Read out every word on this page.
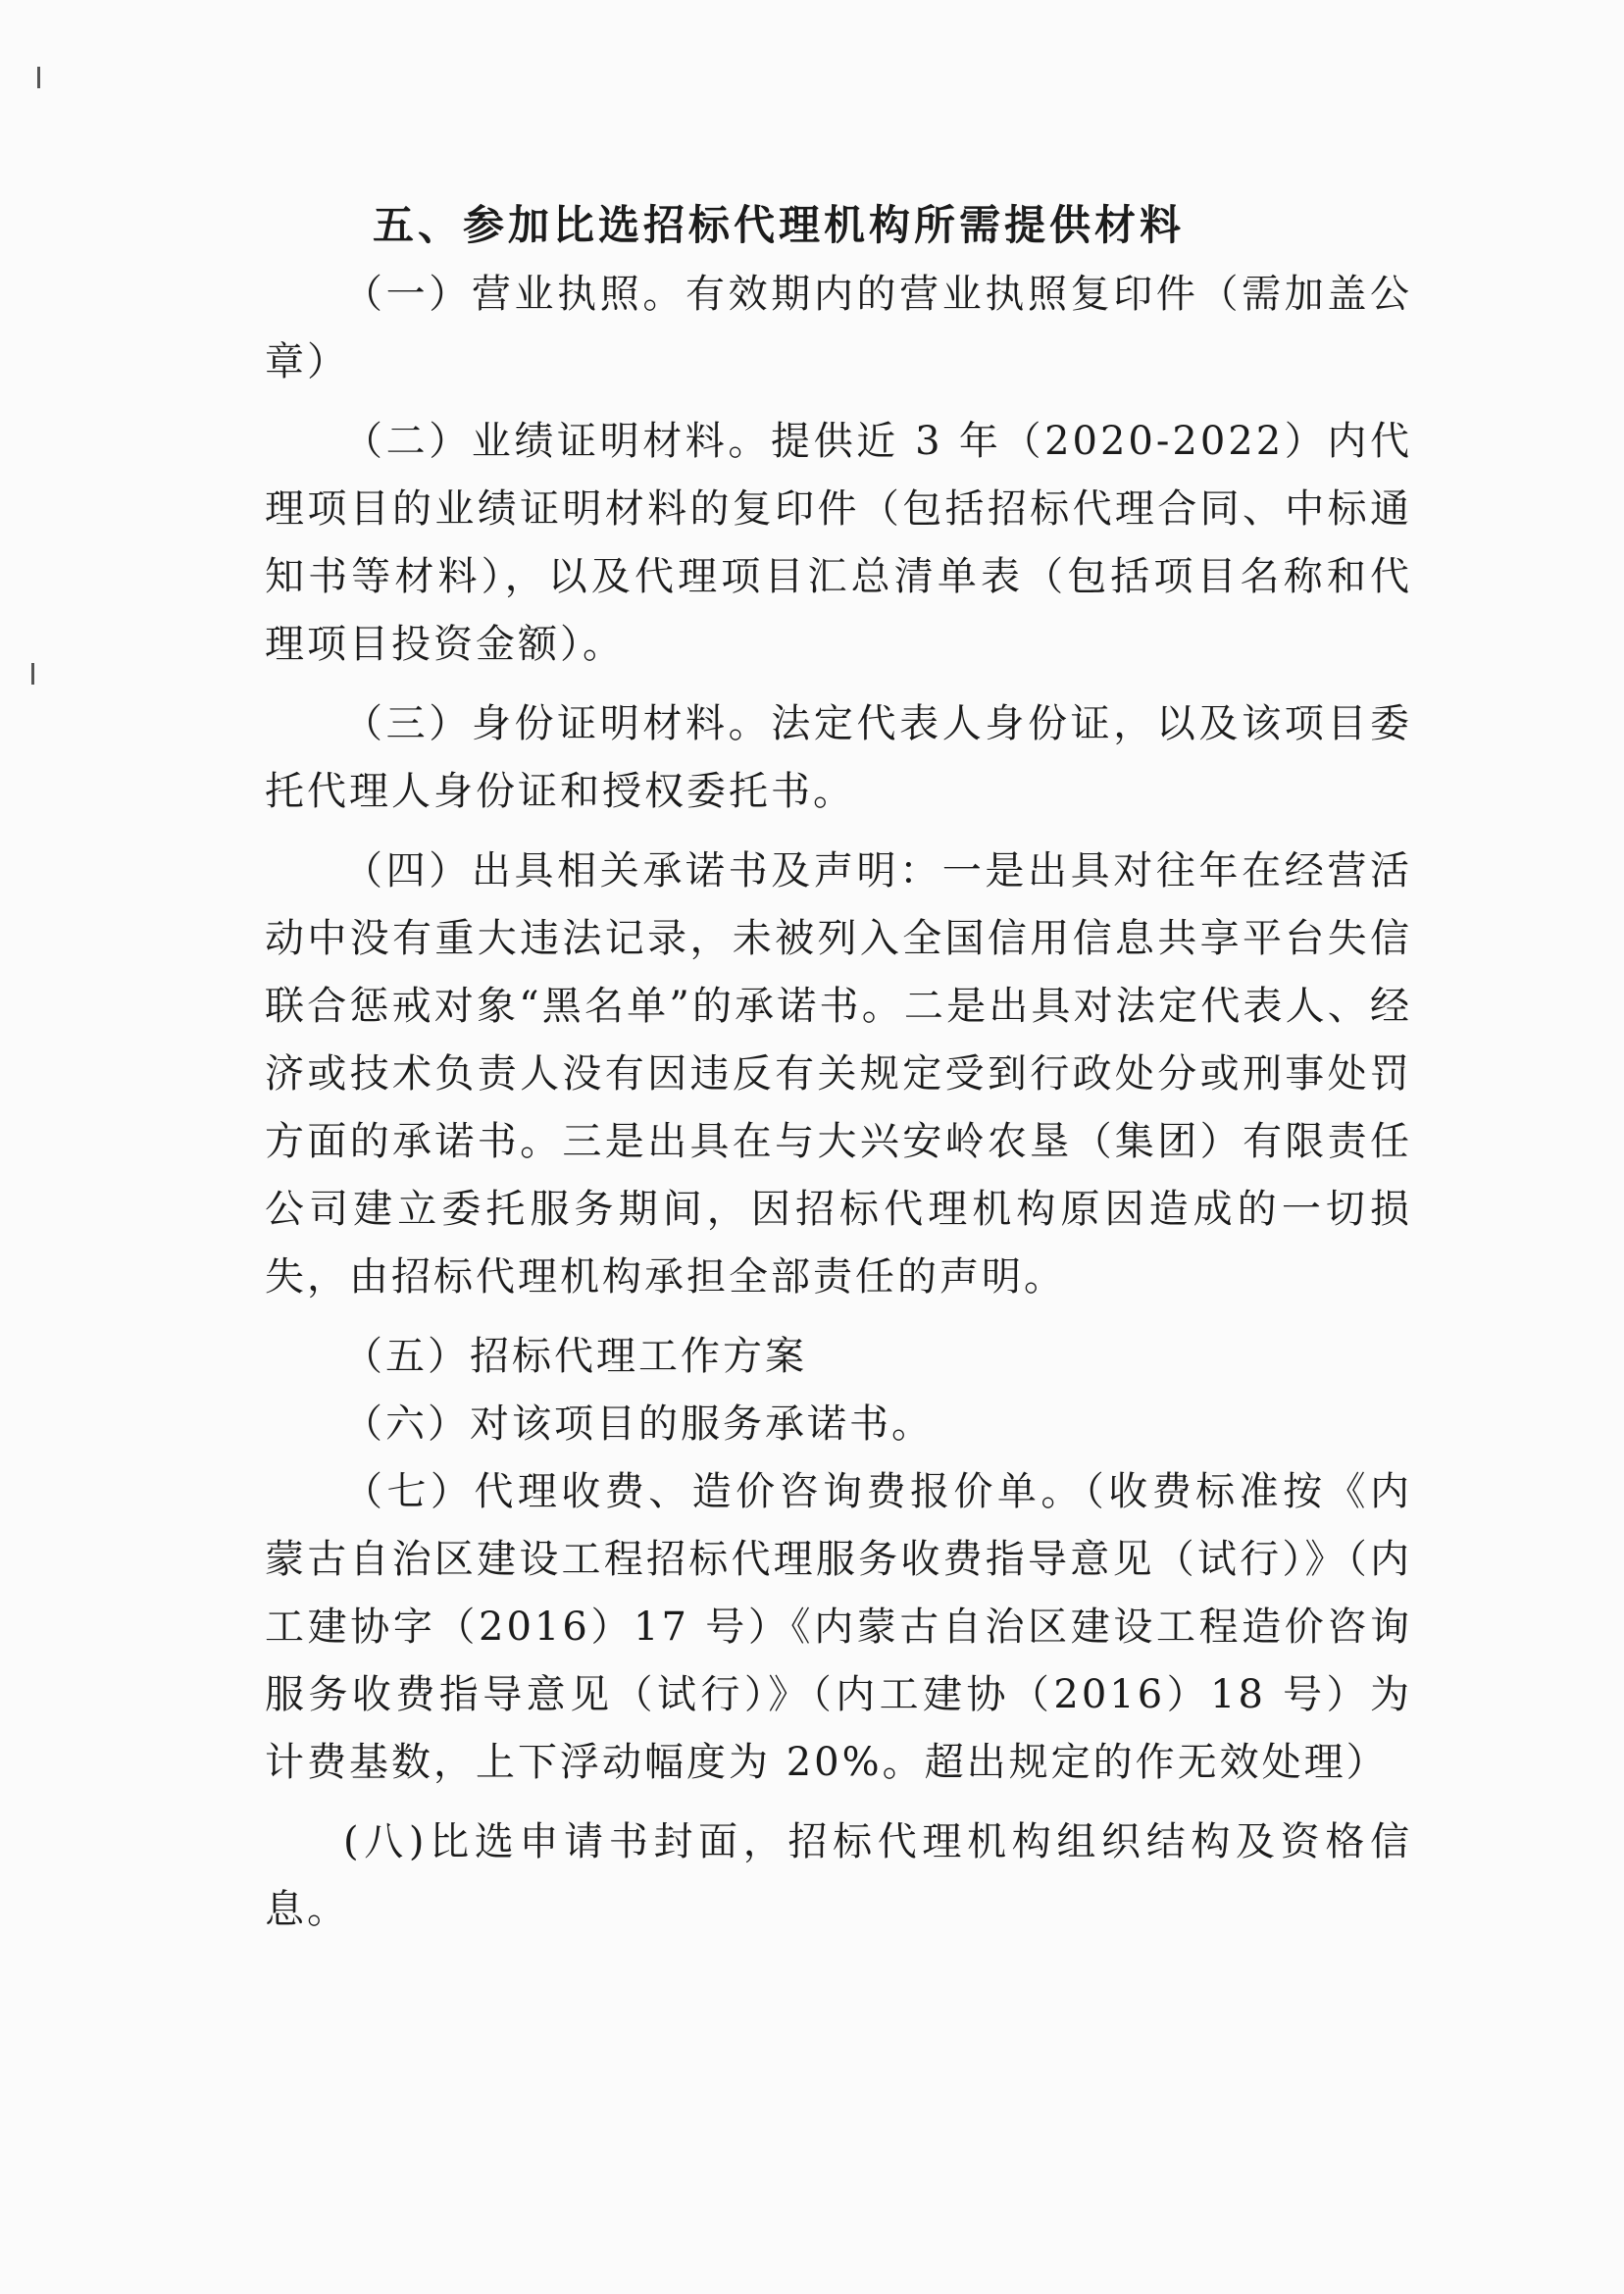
五、参加比选招标代理机构所需提供材料

（一）营业执照。有效期内的营业执照复印件（需加盖公章）

（二）业绩证明材料。提供近 3 年（2020-2022）内代理项目的业绩证明材料的复印件（包括招标代理合同、中标通知书等材料），以及代理项目汇总清单表（包括项目名称和代理项目投资金额）。

（三）身份证明材料。法定代表人身份证，以及该项目委托代理人身份证和授权委托书。

（四）出具相关承诺书及声明：一是出具对往年在经营活动中没有重大违法记录，未被列入全国信用信息共享平台失信联合惩戒对象“黑名单”的承诺书。二是出具对法定代表人、经济或技术负责人没有因违反有关规定受到行政处分或刑事处罚方面的承诺书。三是出具在与大兴安岭农垦（集团）有限责任公司建立委托服务期间，因招标代理机构原因造成的一切损失，由招标代理机构承担全部责任的声明。

（五）招标代理工作方案

（六）对该项目的服务承诺书。

（七）代理收费、造价咨询费报价单。（收费标准按《内蒙古自治区建设工程招标代理服务收费指导意见（试行）》（内工建协字（2016）17 号）《内蒙古自治区建设工程造价咨询服务收费指导意见（试行）》（内工建协（2016）18 号）为计费基数，上下浮动幅度为 20%。超出规定的作无效处理）

(八)比选申请书封面，招标代理机构组织结构及资格信息。
